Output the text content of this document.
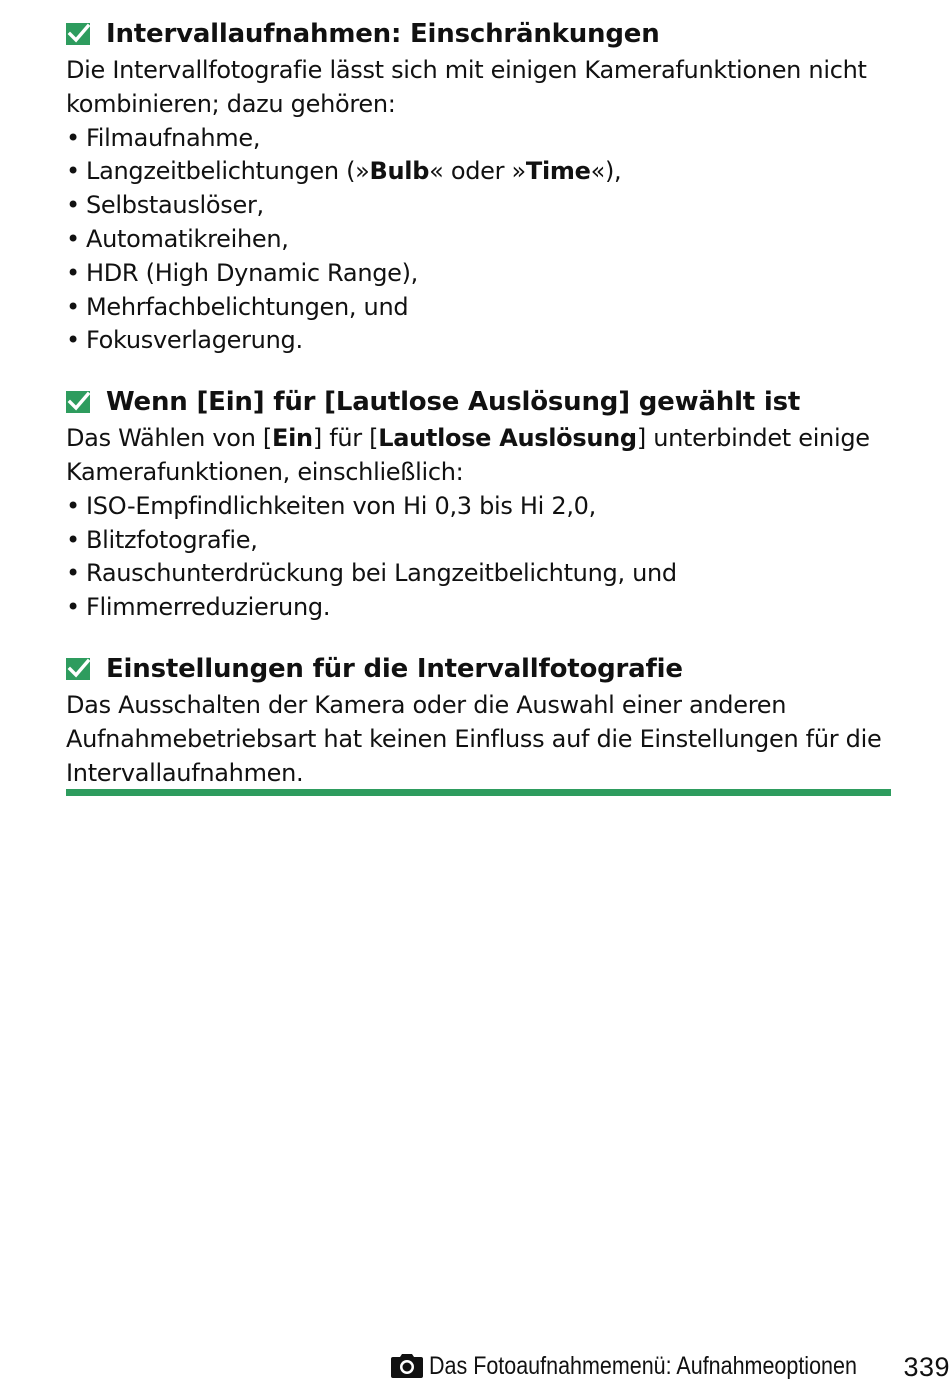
Intervallaufnahmen: Einschränkungen

Die Intervallfotografie lässt sich mit einigen Kamerafunktionen nicht kombinieren; dazu gehören:

• Filmaufnahme,
• Langzeitbelichtungen (»Bulb« oder »Time«),
• Selbstauslöser,
• Automatikreihen,
• HDR (High Dynamic Range),
• Mehrfachbelichtungen, und
• Fokusverlagerung.
Wenn [Ein] für [Lautlose Auslösung] gewählt ist

Das Wählen von [Ein] für [Lautlose Auslösung] unterbindet einige Kamerafunktionen, einschließlich:

• ISO-Empfindlichkeiten von Hi 0,3 bis Hi 2,0,
• Blitzfotografie,
• Rauschunterdrückung bei Langzeitbelichtung, und
• Flimmerreduzierung.
Einstellungen für die Intervallfotografie

Das Ausschalten der Kamera oder die Auswahl einer anderen Aufnahmebetriebsart hat keinen Einfluss auf die Einstellungen für die Intervallaufnahmen.

Das Fotoaufnahmemenü: Aufnahmeoptionen 339
